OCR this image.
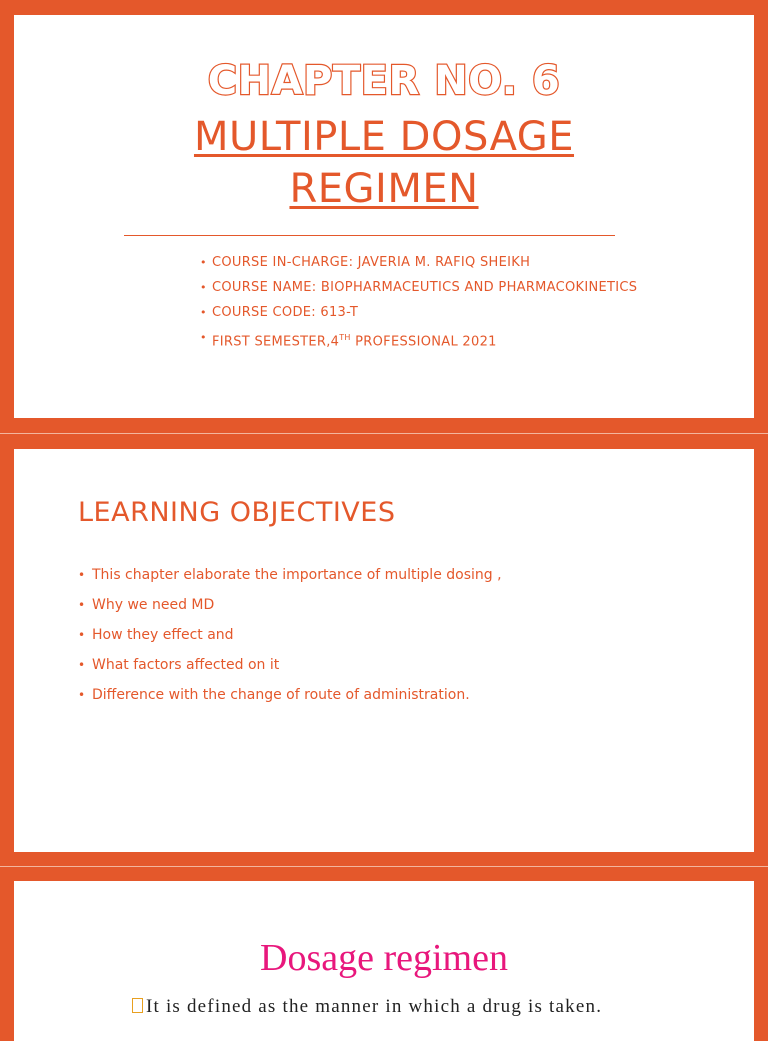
CHAPTER NO. 6
MULTIPLE DOSAGE
REGIMEN
• COURSE IN-CHARGE: JAVERIA M. RAFIQ SHEIKH
• COURSE NAME: BIOPHARMACEUTICS AND PHARMACOKINETICS
• COURSE CODE: 613-T
• FIRST SEMESTER,4TH PROFESSIONAL 2021
LEARNING OBJECTIVES
• This chapter elaborate the importance of multiple dosing ,
• Why we need MD
• How they effect and
• What factors affected on it
• Difference with the change of route of administration.
Dosage regimen
It is defined as the manner in which a drug is taken.
